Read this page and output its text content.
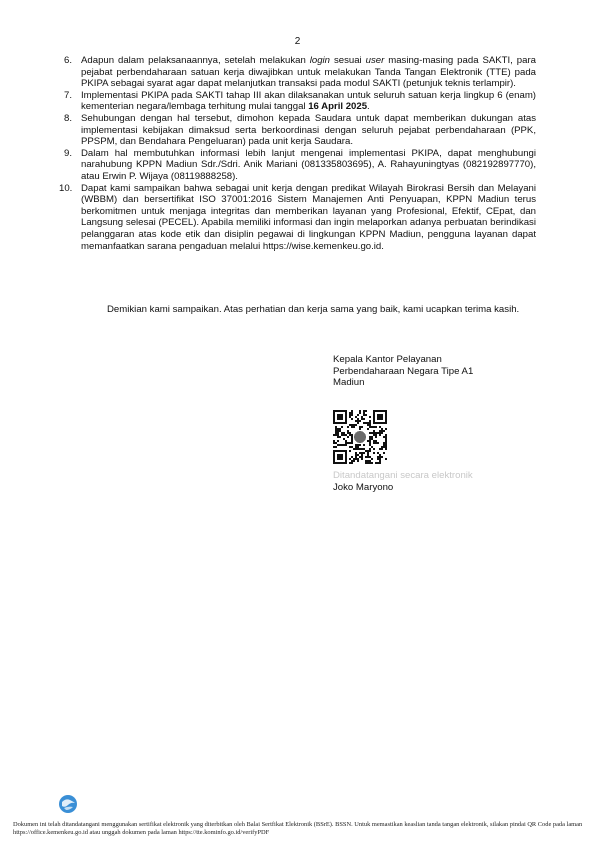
2
6. Adapun dalam pelaksanaannya, setelah melakukan login sesuai user masing-masing pada SAKTI, para pejabat perbendaharaan satuan kerja diwajibkan untuk melakukan Tanda Tangan Elektronik (TTE) pada PKIPA sebagai syarat agar dapat melanjutkan transaksi pada modul SAKTI (petunjuk teknis terlampir).
7. Implementasi PKIPA pada SAKTI tahap III akan dilaksanakan untuk seluruh satuan kerja lingkup 6 (enam) kementerian negara/lembaga terhitung mulai tanggal 16 April 2025.
8. Sehubungan dengan hal tersebut, dimohon kepada Saudara untuk dapat memberikan dukungan atas implementasi kebijakan dimaksud serta berkoordinasi dengan seluruh pejabat perbendaharaan (PPK, PPSPM, dan Bendahara Pengeluaran) pada unit kerja Saudara.
9. Dalam hal membutuhkan informasi lebih lanjut mengenai implementasi PKIPA, dapat menghubungi narahubung KPPN Madiun Sdr./Sdri. Anik Mariani (081335803695), A. Rahayuningtyas (082192897770), atau Erwin P. Wijaya (08119888258).
10. Dapat kami sampaikan bahwa sebagai unit kerja dengan predikat Wilayah Birokrasi Bersih dan Melayani (WBBM) dan bersertifikat ISO 37001:2016 Sistem Manajemen Anti Penyuapan, KPPN Madiun terus berkomitmen untuk menjaga integritas dan memberikan layanan yang Profesional, Efektif, CEpat, dan Langsung selesai (PECEL). Apabila memiliki informasi dan ingin melaporkan adanya perbuatan berindikasi pelanggaran atas kode etik dan disiplin pegawai di lingkungan KPPN Madiun, pengguna layanan dapat memanfaatkan sarana pengaduan melalui https://wise.kemenkeu.go.id.

Demikian kami sampaikan. Atas perhatian dan kerja sama yang baik, kami ucapkan terima kasih.

Kepala Kantor Pelayanan
Perbendaharaan Negara Tipe A1
Madiun
Ditandatangani secara elektronik
Joko Maryono
Dokumen ini telah ditandatangani menggunakan sertifikat elektronik yang diterbitkan oleh Balai Sertfikat Elektronik (BSrE). BSSN. Untuk memastikan keaslian tanda tangan elektronik, silakan pindai QR Code pada laman https://office.kemenkeu.go.id atau unggah dokumen pada laman https://tte.kominfo.go.id/verifyPDF
